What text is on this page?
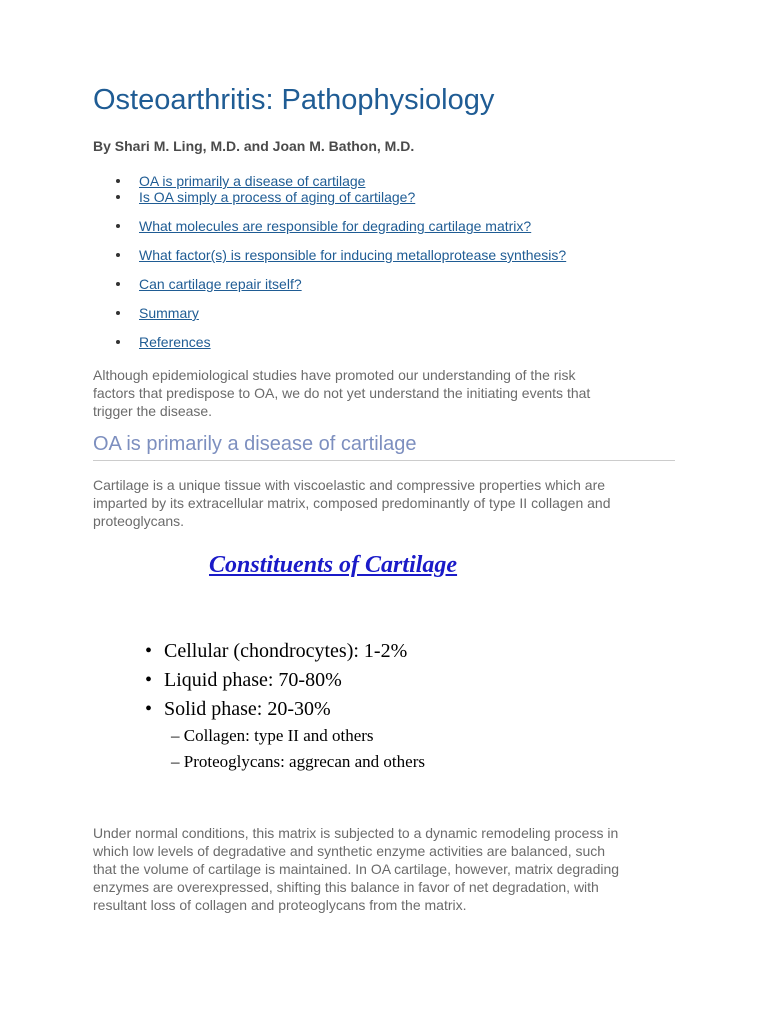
Osteoarthritis: Pathophysiology

By Shari M. Ling, M.D. and Joan M. Bathon, M.D.

OA is primarily a disease of cartilage
Is OA simply a process of aging of cartilage?
What molecules are responsible for degrading cartilage matrix?
What factor(s) is responsible for inducing metalloprotease synthesis?
Can cartilage repair itself?
Summary
References
Although epidemiological studies have promoted our understanding of the risk
factors that predispose to OA, we do not yet understand the initiating events that
trigger the disease.
OA is primarily a disease of cartilage
Cartilage is a unique tissue with viscoelastic and compressive properties which are
imparted by its extracellular matrix, composed predominantly of type II collagen and
proteoglycans.
Constituents of Cartilage
• Cellular (chondrocytes): 1-2%
• Liquid phase: 70-80%
• Solid phase: 20-30%
– Collagen: type II and others
– Proteoglycans: aggrecan and others
Under normal conditions, this matrix is subjected to a dynamic remodeling process in
which low levels of degradative and synthetic enzyme activities are balanced, such
that the volume of cartilage is maintained. In OA cartilage, however, matrix degrading
enzymes are overexpressed, shifting this balance in favor of net degradation, with
resultant loss of collagen and proteoglycans from the matrix.
